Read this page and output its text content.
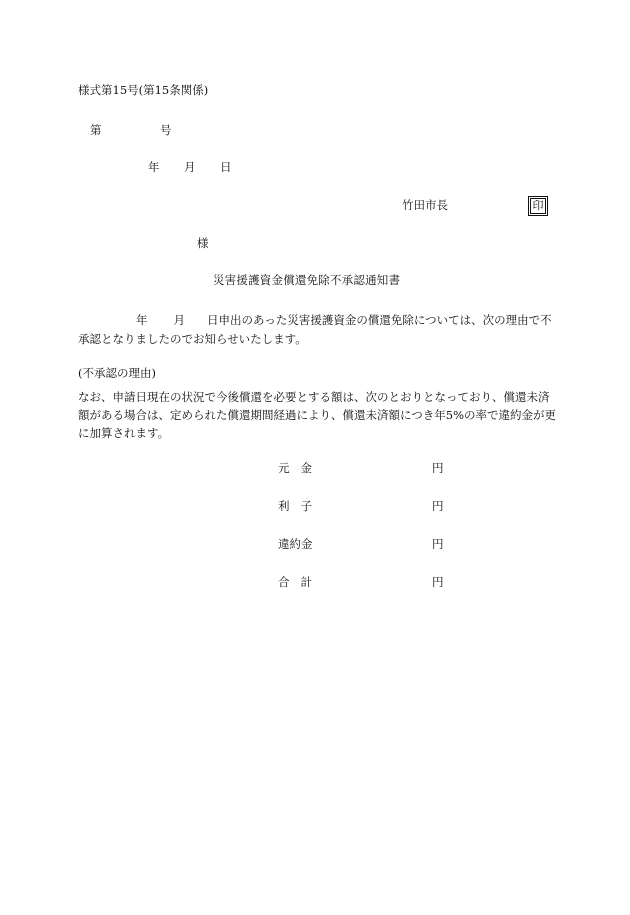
様式第15号(第15条関係)
第	号
年 月 日
竹田市長	印
様
災害援護資金償還免除不承認通知書
年 月 日申出のあった災害援護資金の償還免除については、次の理由で不承認となりましたのでお知らせいたします。
(不承認の理由)
なお、申請日現在の状況で今後償還を必要とする額は、次のとおりとなっており、償還未済額がある場合は、定められた償還期間経過により、償還未済額につき年5%の率で違約金が更に加算されます。
元金	円
利子	円
違約金	円
合計	円
